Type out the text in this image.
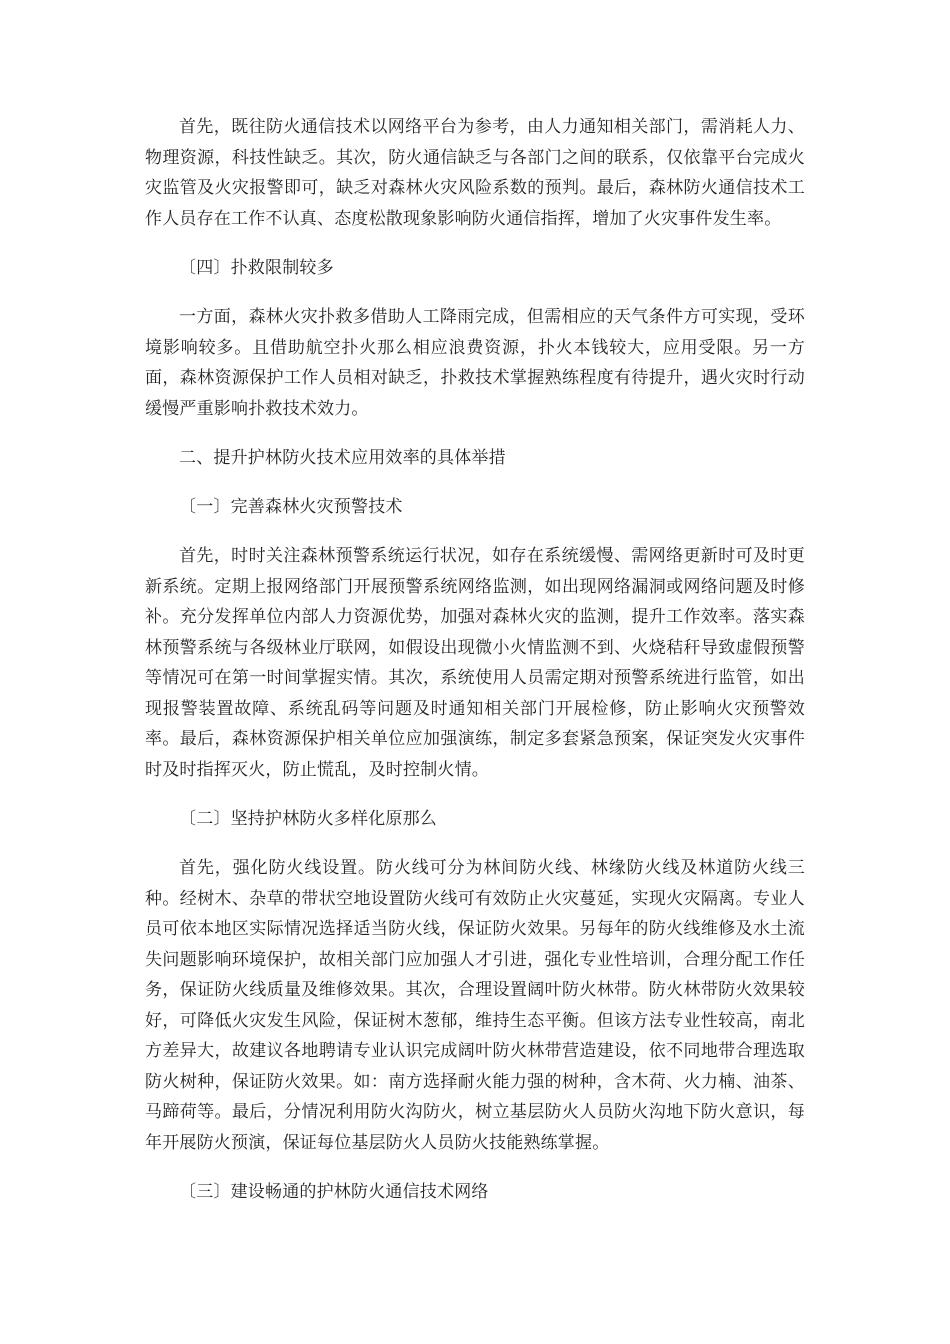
首先，既往防火通信技术以网络平台为参考，由人力通知相关部门，需消耗人力、物理资源，科技性缺乏。其次，防火通信缺乏与各部门之间的联系，仅依靠平台完成火灾监管及火灾报警即可，缺乏对森林火灾风险系数的预判。最后，森林防火通信技术工作人员存在工作不认真、态度松散现象影响防火通信指挥，增加了火灾事件发生率。

〔四〕扑救限制较多

一方面，森林火灾扑救多借助人工降雨完成，但需相应的天气条件方可实现，受环境影响较多。且借助航空扑火那么相应浪费资源，扑火本钱较大，应用受限。另一方面，森林资源保护工作人员相对缺乏，扑救技术掌握熟练程度有待提升，遇火灾时行动缓慢严重影响扑救技术效力。

二、提升护林防火技术应用效率的具体举措
〔一〕完善森林火灾预警技术

首先，时时关注森林预警系统运行状况，如存在系统缓慢、需网络更新时可及时更新系统。定期上报网络部门开展预警系统网络监测，如出现网络漏洞或网络问题及时修补。充分发挥单位内部人力资源优势，加强对森林火灾的监测，提升工作效率。落实森林预警系统与各级林业厅联网，如假设出现微小火情监测不到、火烧秸秆导致虚假预警等情况可在第一时间掌握实情。其次，系统使用人员需定期对预警系统进行监管，如出现报警装置故障、系统乱码等问题及时通知相关部门开展检修，防止影响火灾预警效率。最后，森林资源保护相关单位应加强演练，制定多套紧急预案，保证突发火灾事件时及时指挥灭火，防止慌乱，及时控制火情。

〔二〕坚持护林防火多样化原那么

首先，强化防火线设置。防火线可分为林间防火线、林缘防火线及林道防火线三种。经树木、杂草的带状空地设置防火线可有效防止火灾蔓延，实现火灾隔离。专业人员可依本地区实际情况选择适当防火线，保证防火效果。另每年的防火线维修及水土流失问题影响环境保护，故相关部门应加强人才引进，强化专业性培训，合理分配工作任务，保证防火线质量及维修效果。其次，合理设置阔叶防火林带。防火林带防火效果较好，可降低火灾发生风险，保证树木葱郁，维持生态平衡。但该方法专业性较高，南北方差异大，故建议各地聘请专业认识完成阔叶防火林带营造建设，依不同地带合理选取防火树种，保证防火效果。如：南方选择耐火能力强的树种，含木荷、火力楠、油茶、马蹄荷等。最后，分情况利用防火沟防火，树立基层防火人员防火沟地下防火意识，每年开展防火预演，保证每位基层防火人员防火技能熟练掌握。

〔三〕建设畅通的护林防火通信技术网络
